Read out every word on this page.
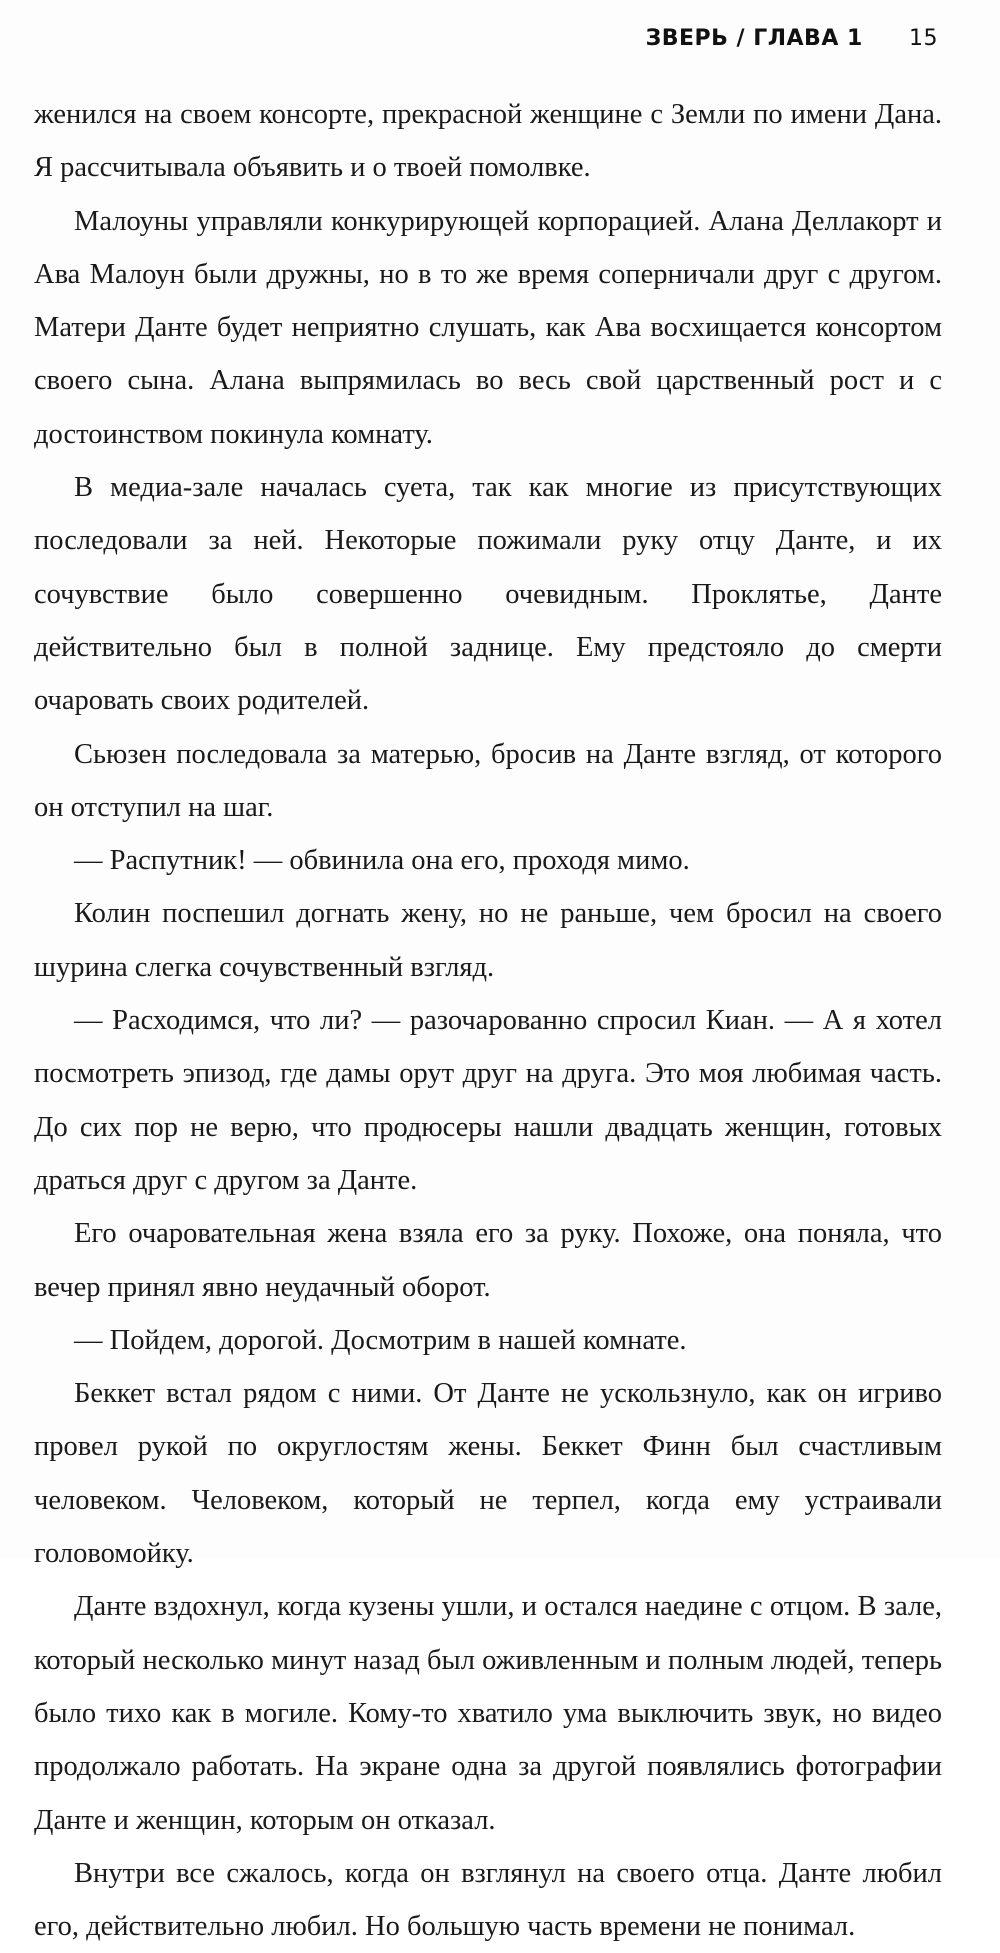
ЗВЕРЬ / ГЛАВА 1 15

женился на своем консорте, прекрасной женщине с Земли по имени Дана. Я рассчитывала объявить и о твоей помолвке.

Малоуны управляли конкурирующей корпорацией. Алана Деллакорт и Ава Малоун были дружны, но в то же время соперничали друг с другом. Матери Данте будет неприятно слушать, как Ава восхищается консортом своего сына. Алана выпрямилась во весь свой царственный рост и с достоинством покинула комнату.

В медиа-зале началась суета, так как многие из присутствующих последовали за ней. Некоторые пожимали руку отцу Данте, и их сочувствие было совершенно очевидным. Проклятье, Данте действительно был в полной заднице. Ему предстояло до смерти очаровать своих родителей.

Сьюзен последовала за матерью, бросив на Данте взгляд, от которого он отступил на шаг.

— Распутник! — обвинила она его, проходя мимо.

Колин поспешил догнать жену, но не раньше, чем бросил на своего шурина слегка сочувственный взгляд.

— Расходимся, что ли? — разочарованно спросил Киан. — А я хотел посмотреть эпизод, где дамы орут друг на друга. Это моя любимая часть. До сих пор не верю, что продюсеры нашли двадцать женщин, готовых драться друг с другом за Данте.

Его очаровательная жена взяла его за руку. Похоже, она поняла, что вечер принял явно неудачный оборот.

— Пойдем, дорогой. Досмотрим в нашей комнате.

Беккет встал рядом с ними. От Данте не ускользнуло, как он игриво провел рукой по округлостям жены. Беккет Финн был счастливым человеком. Человеком, который не терпел, когда ему устраивали головомойку.

Данте вздохнул, когда кузены ушли, и остался наедине с отцом. В зале, который несколько минут назад был оживленным и полным людей, теперь было тихо как в могиле. Кому-то хватило ума выключить звук, но видео продолжало работать. На экране одна за другой появлялись фотографии Данте и женщин, которым он отказал.

Внутри все сжалось, когда он взглянул на своего отца. Данте любил его, действительно любил. Но большую часть времени не понимал.
